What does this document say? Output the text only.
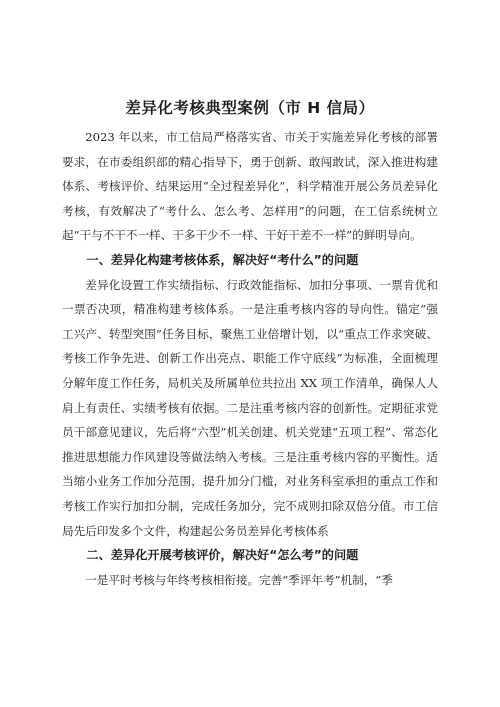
差异化考核典型案例（市 H 信局）

2023 年以来，市工信局严格落实省、市关于实施差异化考核的部署要求，在市委组织部的精心指导下，勇于创新、敢闯敢试，深入推进构建体系、考核评价、结果运用“全过程差异化”，科学精准开展公务员差异化考核，有效解决了“考什么、怎么考、怎样用”的问题，在工信系统树立起“干与不干不一样、干多干少不一样、干好干差不一样”的鲜明导向。

一、差异化构建考核体系，解决好“考什么”的问题

差异化设置工作实绩指标、行政效能指标、加扣分事项、一票肯优和一票否决项，精准构建考核体系。一是注重考核内容的导向性。锚定“强工兴产、转型突围”任务目标，聚焦工业倍增计划，以“重点工作求突破、考核工作争先进、创新工作出亮点、职能工作守底线”为标准，全面梳理分解年度工作任务，局机关及所属单位共拉出 XX 项工作清单，确保人人肩上有责任、实绩考核有依据。二是注重考核内容的创新性。定期征求党员干部意见建议，先后将“六型”机关创建、机关党建“五项工程”、常态化推进思想能力作风建设等做法纳入考核。三是注重考核内容的平衡性。适当缩小业务工作加分范围，提升加分门槛，对业务科室承担的重点工作和考核工作实行加扣分制，完成任务加分，完不成则扣除双倍分值。市工信局先后印发多个文件，构建起公务员差异化考核体系

二、差异化开展考核评价，解决好“怎么考”的问题

一是平时考核与年终考核相衔接。完善“季评年考”机制，“季
